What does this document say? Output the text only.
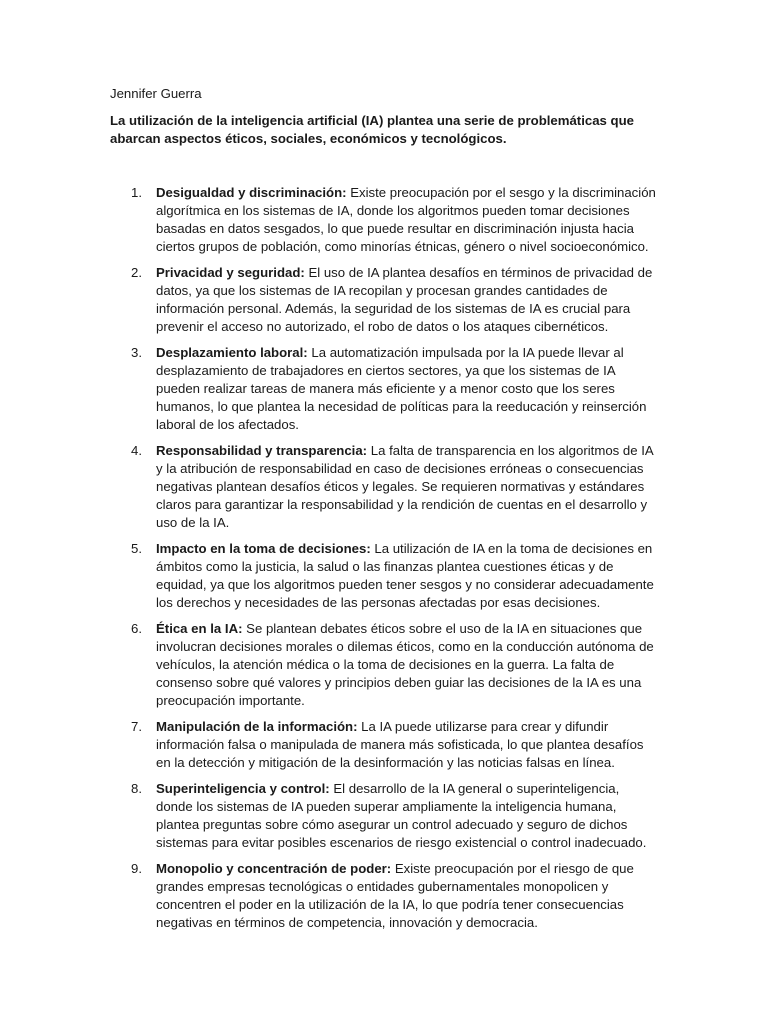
Jennifer Guerra

La utilización de la inteligencia artificial (IA) plantea una serie de problemáticas que abarcan aspectos éticos, sociales, económicos y tecnológicos.

1. Desigualdad y discriminación: Existe preocupación por el sesgo y la discriminación algorítmica en los sistemas de IA, donde los algoritmos pueden tomar decisiones basadas en datos sesgados, lo que puede resultar en discriminación injusta hacia ciertos grupos de población, como minorías étnicas, género o nivel socioeconómico.
2. Privacidad y seguridad: El uso de IA plantea desafíos en términos de privacidad de datos, ya que los sistemas de IA recopilan y procesan grandes cantidades de información personal. Además, la seguridad de los sistemas de IA es crucial para prevenir el acceso no autorizado, el robo de datos o los ataques cibernéticos.
3. Desplazamiento laboral: La automatización impulsada por la IA puede llevar al desplazamiento de trabajadores en ciertos sectores, ya que los sistemas de IA pueden realizar tareas de manera más eficiente y a menor costo que los seres humanos, lo que plantea la necesidad de políticas para la reeducación y reinserción laboral de los afectados.
4. Responsabilidad y transparencia: La falta de transparencia en los algoritmos de IA y la atribución de responsabilidad en caso de decisiones erróneas o consecuencias negativas plantean desafíos éticos y legales. Se requieren normativas y estándares claros para garantizar la responsabilidad y la rendición de cuentas en el desarrollo y uso de la IA.
5. Impacto en la toma de decisiones: La utilización de IA en la toma de decisiones en ámbitos como la justicia, la salud o las finanzas plantea cuestiones éticas y de equidad, ya que los algoritmos pueden tener sesgos y no considerar adecuadamente los derechos y necesidades de las personas afectadas por esas decisiones.
6. Ética en la IA: Se plantean debates éticos sobre el uso de la IA en situaciones que involucran decisiones morales o dilemas éticos, como en la conducción autónoma de vehículos, la atención médica o la toma de decisiones en la guerra. La falta de consenso sobre qué valores y principios deben guiar las decisiones de la IA es una preocupación importante.
7. Manipulación de la información: La IA puede utilizarse para crear y difundir información falsa o manipulada de manera más sofisticada, lo que plantea desafíos en la detección y mitigación de la desinformación y las noticias falsas en línea.
8. Superinteligencia y control: El desarrollo de la IA general o superinteligencia, donde los sistemas de IA pueden superar ampliamente la inteligencia humana, plantea preguntas sobre cómo asegurar un control adecuado y seguro de dichos sistemas para evitar posibles escenarios de riesgo existencial o control inadecuado.
9. Monopolio y concentración de poder: Existe preocupación por el riesgo de que grandes empresas tecnológicas o entidades gubernamentales monopolicen y concentren el poder en la utilización de la IA, lo que podría tener consecuencias negativas en términos de competencia, innovación y democracia.
